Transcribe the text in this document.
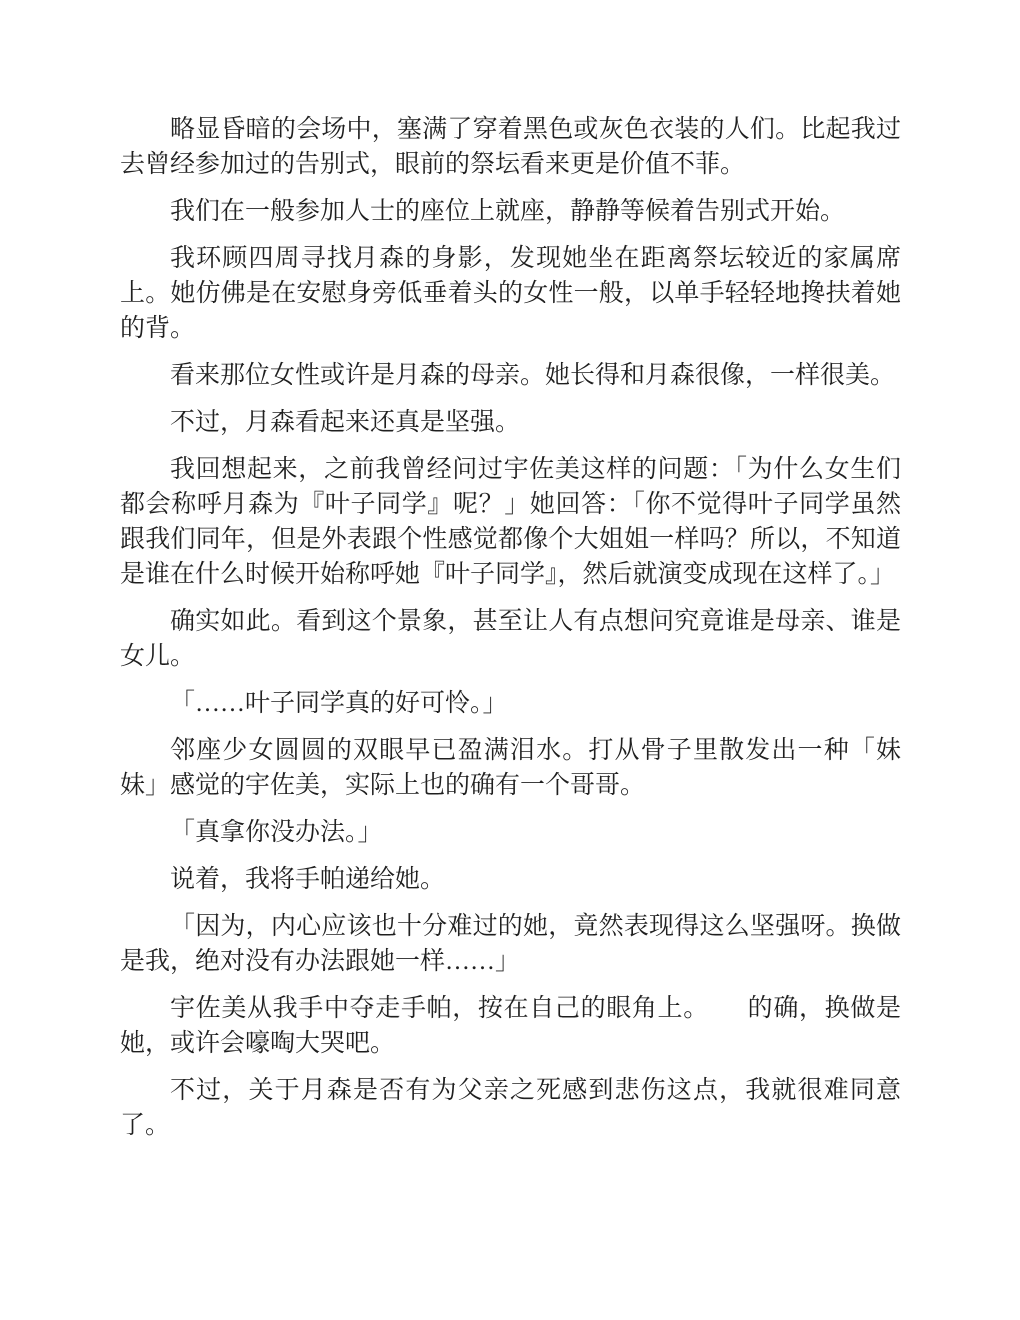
略显昏暗的会场中，塞满了穿着黑色或灰色衣装的人们。比起我过去曾经参加过的告别式，眼前的祭坛看来更是价值不菲。

我们在一般参加人士的座位上就座，静静等候着告别式开始。

我环顾四周寻找月森的身影，发现她坐在距离祭坛较近的家属席上。她仿佛是在安慰身旁低垂着头的女性一般，以单手轻轻地搀扶着她的背。

看来那位女性或许是月森的母亲。她长得和月森很像，一样很美。

不过，月森看起来还真是坚强。

我回想起来，之前我曾经问过宇佐美这样的问题：「为什么女生们都会称呼月森为『叶子同学』呢？」她回答：「你不觉得叶子同学虽然跟我们同年，但是外表跟个性感觉都像个大姐姐一样吗？所以，不知道是谁在什么时候开始称呼她『叶子同学』，然后就演变成现在这样了。」

确实如此。看到这个景象，甚至让人有点想问究竟谁是母亲、谁是女儿。

「……叶子同学真的好可怜。」

邻座少女圆圆的双眼早已盈满泪水。打从骨子里散发出一种「妹妹」感觉的宇佐美，实际上也的确有一个哥哥。

「真拿你没办法。」

说着，我将手帕递给她。

「因为，内心应该也十分难过的她，竟然表现得这么坚强呀。换做是我，绝对没有办法跟她一样……」

宇佐美从我手中夺走手帕，按在自己的眼角上。　　的确，换做是她，或许会嚎啕大哭吧。

不过，关于月森是否有为父亲之死感到悲伤这点，我就很难同意了。
